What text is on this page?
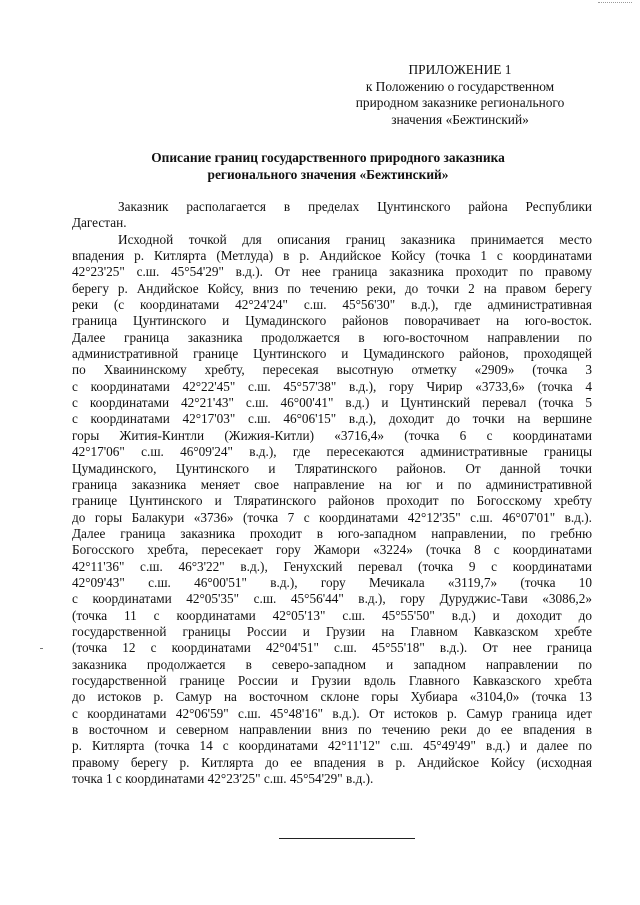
ПРИЛОЖЕНИЕ 1
к Положению о государственном
природном заказнике регионального
значения «Бежтинский»
Описание границ государственного природного заказника
регионального значения «Бежтинский»
Заказник располагается в пределах Цунтинского района Республики
Дагестан.
Исходной точкой для описания границ заказника принимается место
впадения р. Китлярта (Метлуда) в р. Андийское Койсу (точка 1 с координатами
42°23'25" с.ш. 45°54'29" в.д.). От нее граница заказника проходит по правому
берегу р. Андийское Койсу, вниз по течению реки, до точки 2 на правом берегу
реки (с координатами 42°24'24" с.ш. 45°56'30" в.д.), где административная
граница Цунтинского и Цумадинского районов поворачивает на юго-восток.
Далее граница заказника продолжается в юго-восточном направлении по
административной границе Цунтинского и Цумадинского районов, проходящей
по Хваининскому хребту, пересекая высотную отметку «2909» (точка 3
с координатами 42°22'45" с.ш. 45°57'38" в.д.), гору Чирир «3733,6» (точка 4
с координатами 42°21'43" с.ш. 46°00'41" в.д.) и Цунтинский перевал (точка 5
с координатами 42°17'03" с.ш. 46°06'15" в.д.), доходит до точки на вершине
горы Жития-Кинтли (Жижия-Китли) «3716,4» (точка 6 с координатами
42°17'06" с.ш. 46°09'24" в.д.), где пересекаются административные границы
Цумадинского, Цунтинского и Тляратинского районов. От данной точки
граница заказника меняет свое направление на юг и по административной
границе Цунтинского и Тляратинского районов проходит по Богосскому хребту
до горы Балакури «3736» (точка 7 с координатами 42°12'35" с.ш. 46°07'01" в.д.).
Далее граница заказника проходит в юго-западном направлении, по гребню
Богосского хребта, пересекает гору Жамори «3224» (точка 8 с координатами
42°11'36" с.ш. 46°3'22" в.д.), Генухский перевал (точка 9 с координатами
42°09'43" с.ш. 46°00'51" в.д.), гору Мечикала «3119,7» (точка 10
с координатами 42°05'35" с.ш. 45°56'44" в.д.), гору Дуруджис-Тави «3086,2»
(точка 11 с координатами 42°05'13" с.ш. 45°55'50" в.д.) и доходит до
государственной границы России и Грузии на Главном Кавказском хребте
(точка 12 с координатами 42°04'51" с.ш. 45°55'18" в.д.). От нее граница
заказника продолжается в северо-западном и западном направлении по
государственной границе России и Грузии вдоль Главного Кавказского хребта
до истоков р. Самур на восточном склоне горы Хубиара «3104,0» (точка 13
с координатами 42°06'59" с.ш. 45°48'16" в.д.). От истоков р. Самур граница идет
в восточном и северном направлении вниз по течению реки до ее впадения в
р. Китлярта (точка 14 с координатами 42°11'12" с.ш. 45°49'49" в.д.) и далее по
правому берегу р. Китлярта до ее впадения в р. Андийское Койсу (исходная
точка 1 с координатами 42°23'25" с.ш. 45°54'29" в.д.).
